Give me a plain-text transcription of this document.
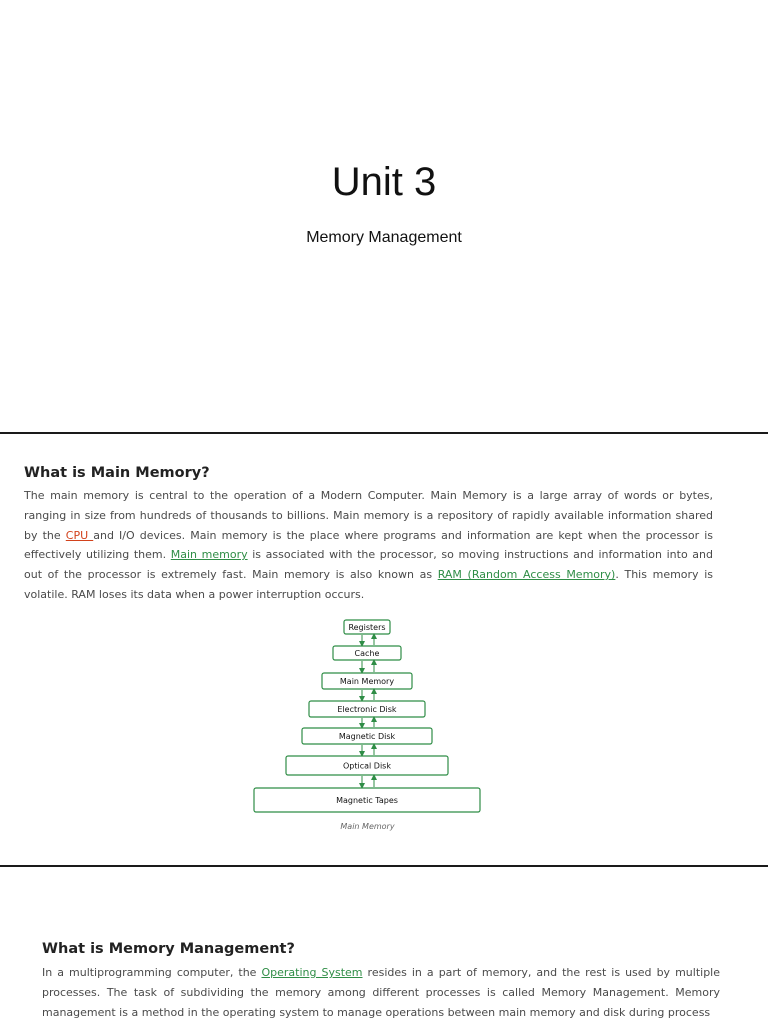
Unit 3
Memory Management
What is Main Memory?
The main memory is central to the operation of a Modern Computer. Main Memory is a large array of words or bytes, ranging in size from hundreds of thousands to billions. Main memory is a repository of rapidly available information shared by the CPU and I/O devices. Main memory is the place where programs and information are kept when the processor is effectively utilizing them. Main memory is associated with the processor, so moving instructions and information into and out of the processor is extremely fast. Main memory is also known as RAM (Random Access Memory). This memory is volatile. RAM loses its data when a power interruption occurs.
Registers
Cache
Main Memory
Electronic Disk
Magnetic Disk
Optical Disk
Magnetic Tapes
Main Memory
What is Memory Management?
In a multiprogramming computer, the Operating System resides in a part of memory, and the rest is used by multiple processes. The task of subdividing the memory among different processes is called Memory Management. Memory management is a method in the operating system to manage operations between main memory and disk during process
